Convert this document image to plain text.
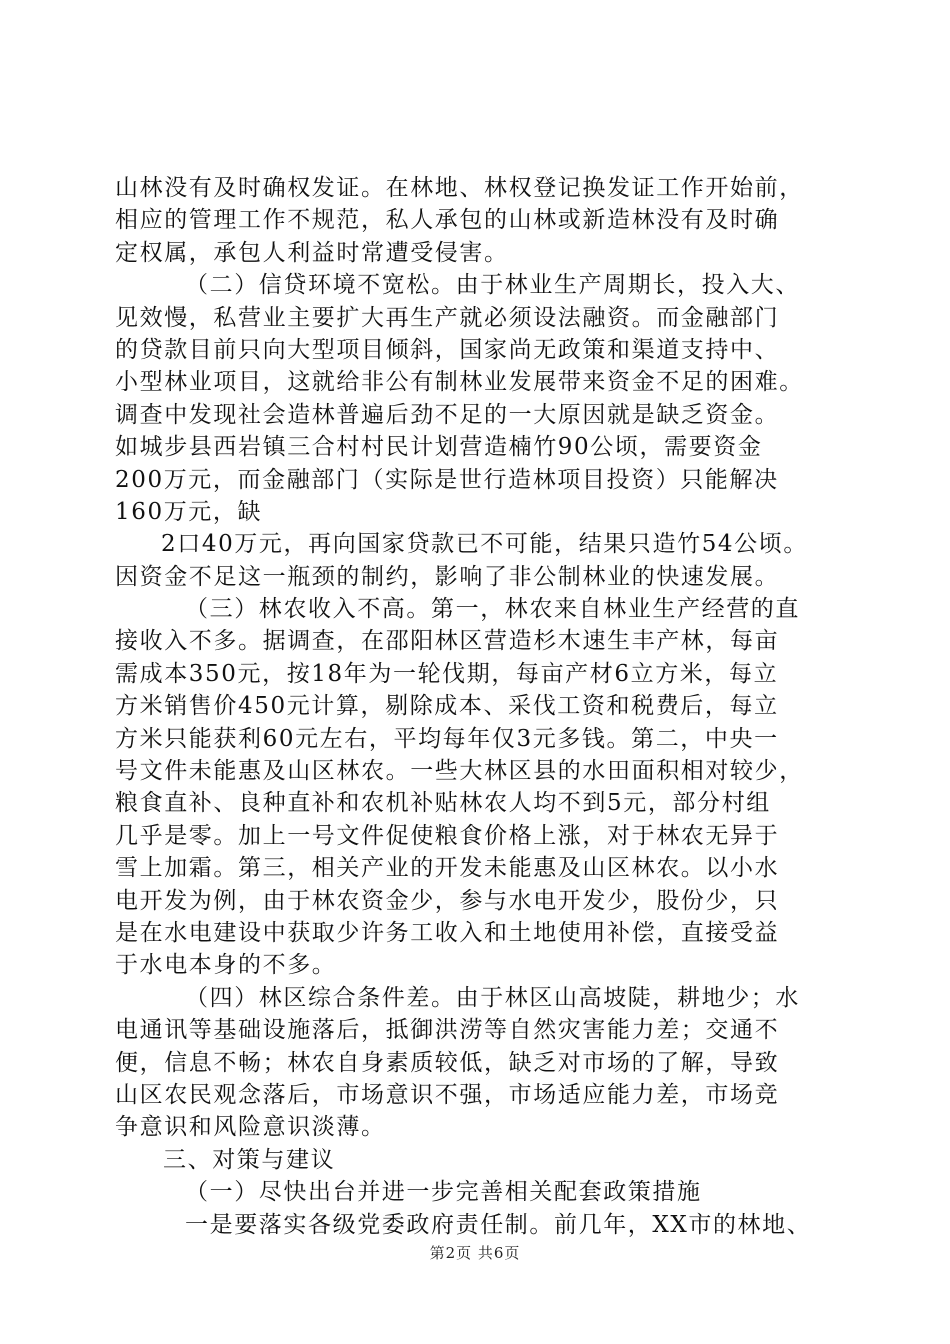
山林没有及时确权发证。在林地、林权登记换发证工作开始前，
相应的管理工作不规范，私人承包的山林或新造林没有及时确
定权属，承包人利益时常遭受侵害。
（二）信贷环境不宽松。由于林业生产周期长，投入大、
见效慢，私营业主要扩大再生产就必须设法融资。而金融部门
的贷款目前只向大型项目倾斜，国家尚无政策和渠道支持中、
小型林业项目，这就给非公有制林业发展带来资金不足的困难。
调查中发现社会造林普遍后劲不足的一大原因就是缺乏资金。
如城步县西岩镇三合村村民计划营造楠竹90公顷，需要资金
200万元，而金融部门（实际是世行造林项目投资）只能解决
160万元，缺
2口40万元，再向国家贷款已不可能，结果只造竹54公顷。
因资金不足这一瓶颈的制约，影响了非公制林业的快速发展。
（三）林农收入不高。第一，林农来自林业生产经营的直
接收入不多。据调查，在邵阳林区营造杉木速生丰产林，每亩
需成本350元，按18年为一轮伐期，每亩产材6立方米，每立
方米销售价450元计算，剔除成本、采伐工资和税费后，每立
方米只能获利60元左右，平均每年仅3元多钱。第二，中央一
号文件未能惠及山区林农。一些大林区县的水田面积相对较少，
粮食直补、良种直补和农机补贴林农人均不到5元，部分村组
几乎是零。加上一号文件促使粮食价格上涨，对于林农无异于
雪上加霜。第三，相关产业的开发未能惠及山区林农。以小水
电开发为例，由于林农资金少，参与水电开发少，股份少，只
是在水电建设中获取少许务工收入和土地使用补偿，直接受益
于水电本身的不多。
（四）林区综合条件差。由于林区山高坡陡，耕地少；水
电通讯等基础设施落后，抵御洪涝等自然灾害能力差；交通不
便，信息不畅；林农自身素质较低，缺乏对市场的了解，导致
山区农民观念落后，市场意识不强，市场适应能力差，市场竞
争意识和风险意识淡薄。
三、对策与建议
（一）尽快出台并进一步完善相关配套政策措施
一是要落实各级党委政府责任制。前几年，XX市的林地、
第2页 共6页
